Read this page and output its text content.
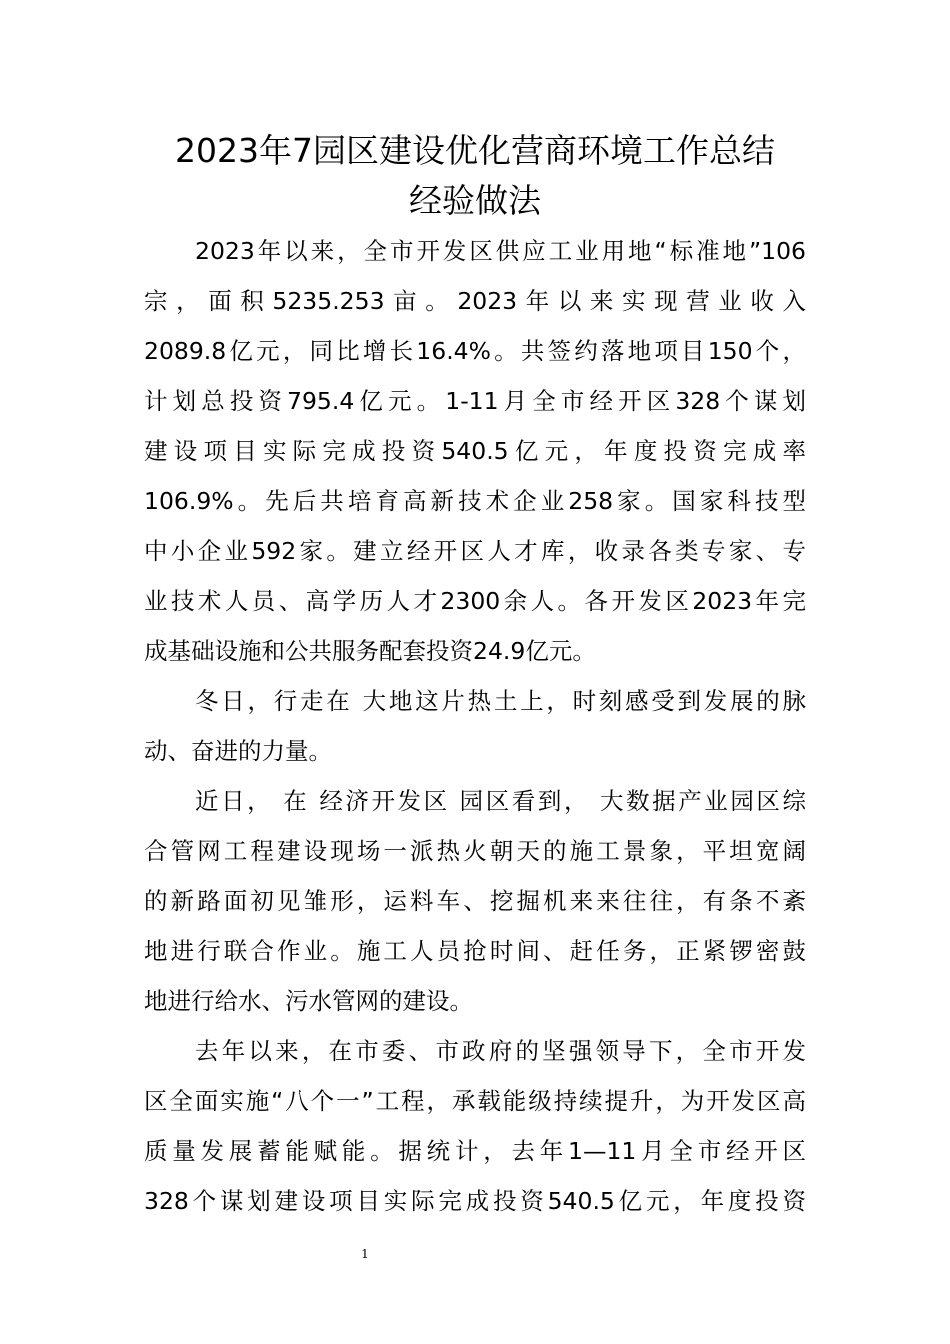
2023年7园区建设优化营商环境工作总结
经验做法
2023年以来，全市开发区供应工业用地“标准地”106
宗，面积5235.253亩。2023年以来实现营业收入
2089.8亿元，同比增长16.4%。共签约落地项目150个，
计划总投资795.4亿元。1-11月全市经开区328个谋划
建设项目实际完成投资540.5亿元，年度投资完成率
106.9%。先后共培育高新技术企业258家。国家科技型
中小企业592家。建立经开区人才库，收录各类专家、专
业技术人员、高学历人才2300余人。各开发区2023年完
成基础设施和公共服务配套投资24.9亿元。
冬日，行走在 大地这片热土上，时刻感受到发展的脉
动、奋进的力量。
近日， 在 经济开发区 园区看到， 大数据产业园区综
合管网工程建设现场一派热火朝天的施工景象，平坦宽阔
的新路面初见雏形，运料车、挖掘机来来往往，有条不紊
地进行联合作业。施工人员抢时间、赶任务，正紧锣密鼓
地进行给水、污水管网的建设。
去年以来，在市委、市政府的坚强领导下，全市开发
区全面实施“八个一”工程，承载能级持续提升，为开发区高
质量发展蓄能赋能。据统计，去年1—11月全市经开区
328个谋划建设项目实际完成投资540.5亿元，年度投资
1
